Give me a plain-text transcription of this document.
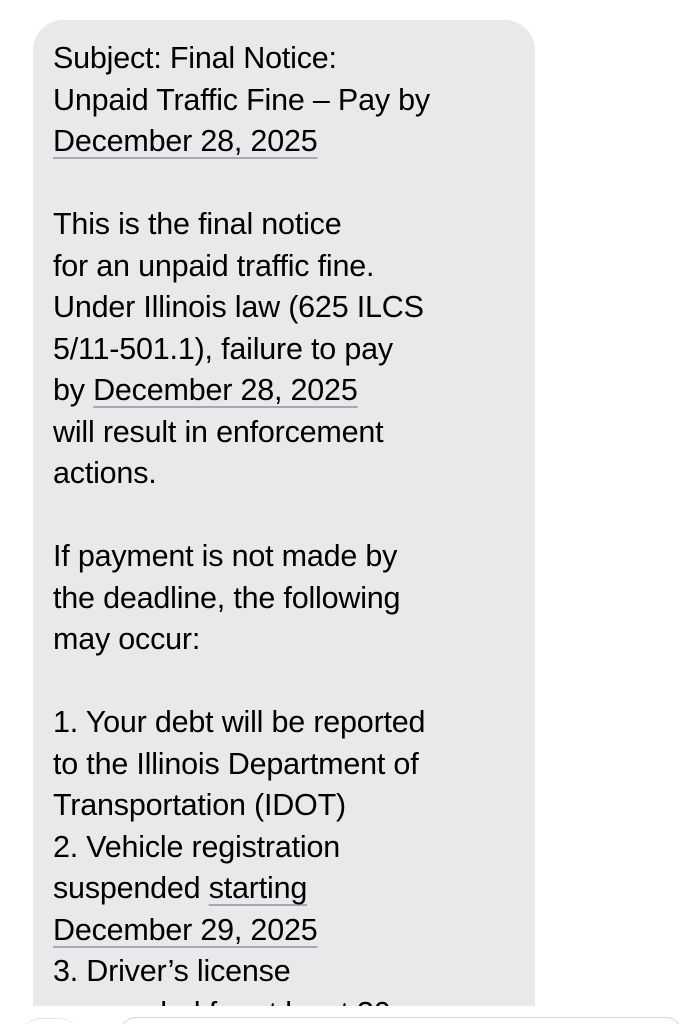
Subject: Final Notice:
Unpaid Traffic Fine – Pay by
December 28, 2025
This is the final notice
for an unpaid traffic fine.
Under Illinois law (625 ILCS
5/11-501.1), failure to pay
by December 28, 2025
will result in enforcement
actions.
If payment is not made by
the deadline, the following
may occur:
1. Your debt will be reported
to the Illinois Department of
Transportation (IDOT)
2. Vehicle registration
suspended starting
December 29, 2025
3. Driver’s license
